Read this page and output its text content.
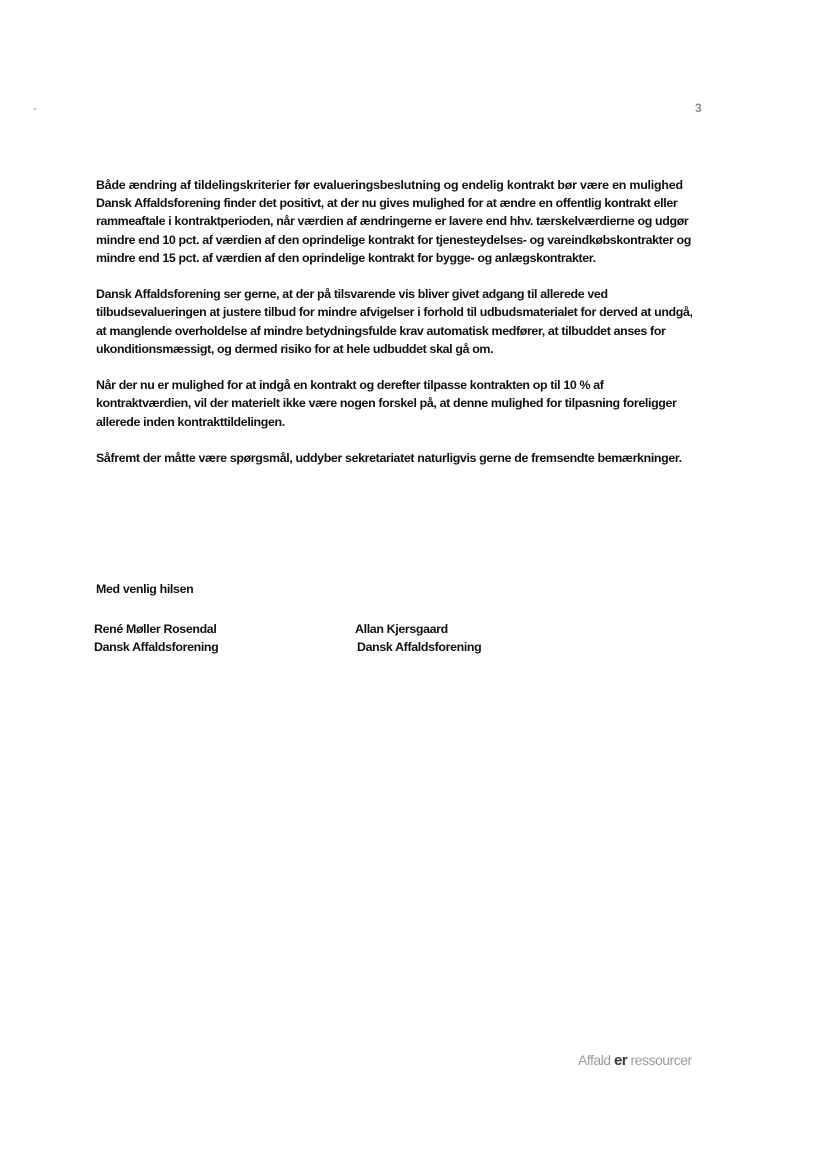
3

Både ændring af tildelingskriterier før evalueringsbeslutning og endelig kontrakt bør være en mulighed

Dansk Affaldsforening finder det positivt, at der nu gives mulighed for at ændre en offentlig kontrakt eller rammeaftale i kontraktperioden, når værdien af ændringerne er lavere end hhv. tærskelværdierne og udgør mindre end 10 pct. af værdien af den oprindelige kontrakt for tjenesteydelses- og vareindkøbskontrakter og mindre end 15 pct. af værdien af den oprindelige kontrakt for bygge- og anlægskontrakter.

Dansk Affaldsforening ser gerne, at der på tilsvarende vis bliver givet adgang til allerede ved tilbudsevalueringen at justere tilbud for mindre afvigelser i forhold til udbudsmaterialet for derved at undgå, at manglende overholdelse af mindre betydningsfulde krav automatisk medfører, at tilbuddet anses for ukonditionsmæssigt, og dermed risiko for at hele udbuddet skal gå om.

Når der nu er mulighed for at indgå en kontrakt og derefter tilpasse kontrakten op til 10 % af kontraktværdien, vil der materielt ikke være nogen forskel på, at denne mulighed for tilpasning foreligger allerede inden kontrakttildelingen.

Såfremt der måtte være spørgsmål, uddyber sekretariatet naturligvis gerne de fremsendte bemærkninger.

Med venlig hilsen
René Møller Rosendal
Dansk Affaldsforening
Allan Kjersgaard
Dansk Affaldsforening
Affald er ressourcer
